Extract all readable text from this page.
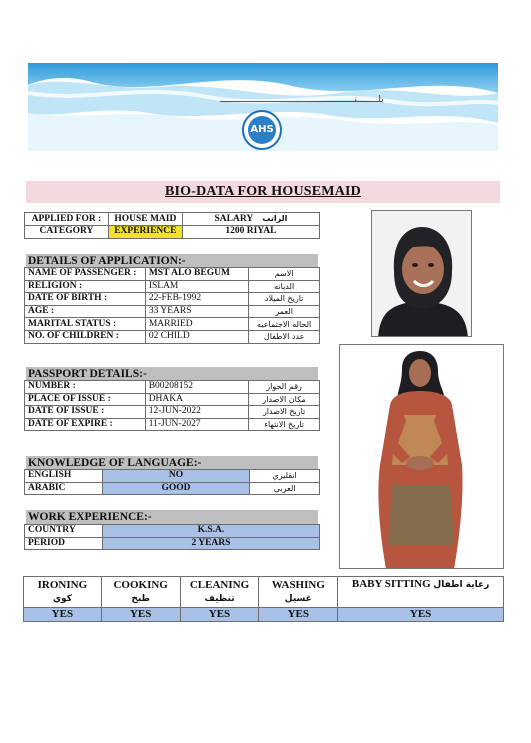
بلــــــــنـــــــــــــــــــــــــــــــــــــــــــــــــــ
AHS
BIO-DATA FOR HOUSEMAID
APPLIED FOR :	HOUSE MAID	SALARY الراتب
CATEGORY	EXPERIENCE	1200 RIYAL
DETAILS OF APPLICATION:-
NAME OF PASSENGER :	MST ALO BEGUM	الاسم
RELIGION :	ISLAM	الديانه
DATE OF BIRTH :	22-FEB-1992	تاريخ الميلاد
AGE :	33 YEARS	العمر
MARITAL STATUS :	MARRIED	الحاله الاجتماعيه
NO. OF CHILDREN :	02 CHILD	عدد الاطفال
PASSPORT DETAILS:-
NUMBER :	B00208152	رقم الجواز
PLACE OF ISSUE :	DHAKA	مكان الاصدار
DATE OF ISSUE :	12-JUN-2022	تاريخ الاصدار
DATE OF EXPIRE :	11-JUN-2027	تاريخ الانتهاء
KNOWLEDGE OF LANGUAGE:-
ENGLISH	NO	انقليزي
ARABIC	GOOD	العربي
WORK EXPERIENCE:-
COUNTRY	K.S.A.
PERIOD	2 YEARS
IRONING	COOKING	CLEANING	WASHING	BABY SITTING رعاية اطفال
كوي	طبخ	تنظيف	غسيل	
YES	YES	YES	YES	YES
